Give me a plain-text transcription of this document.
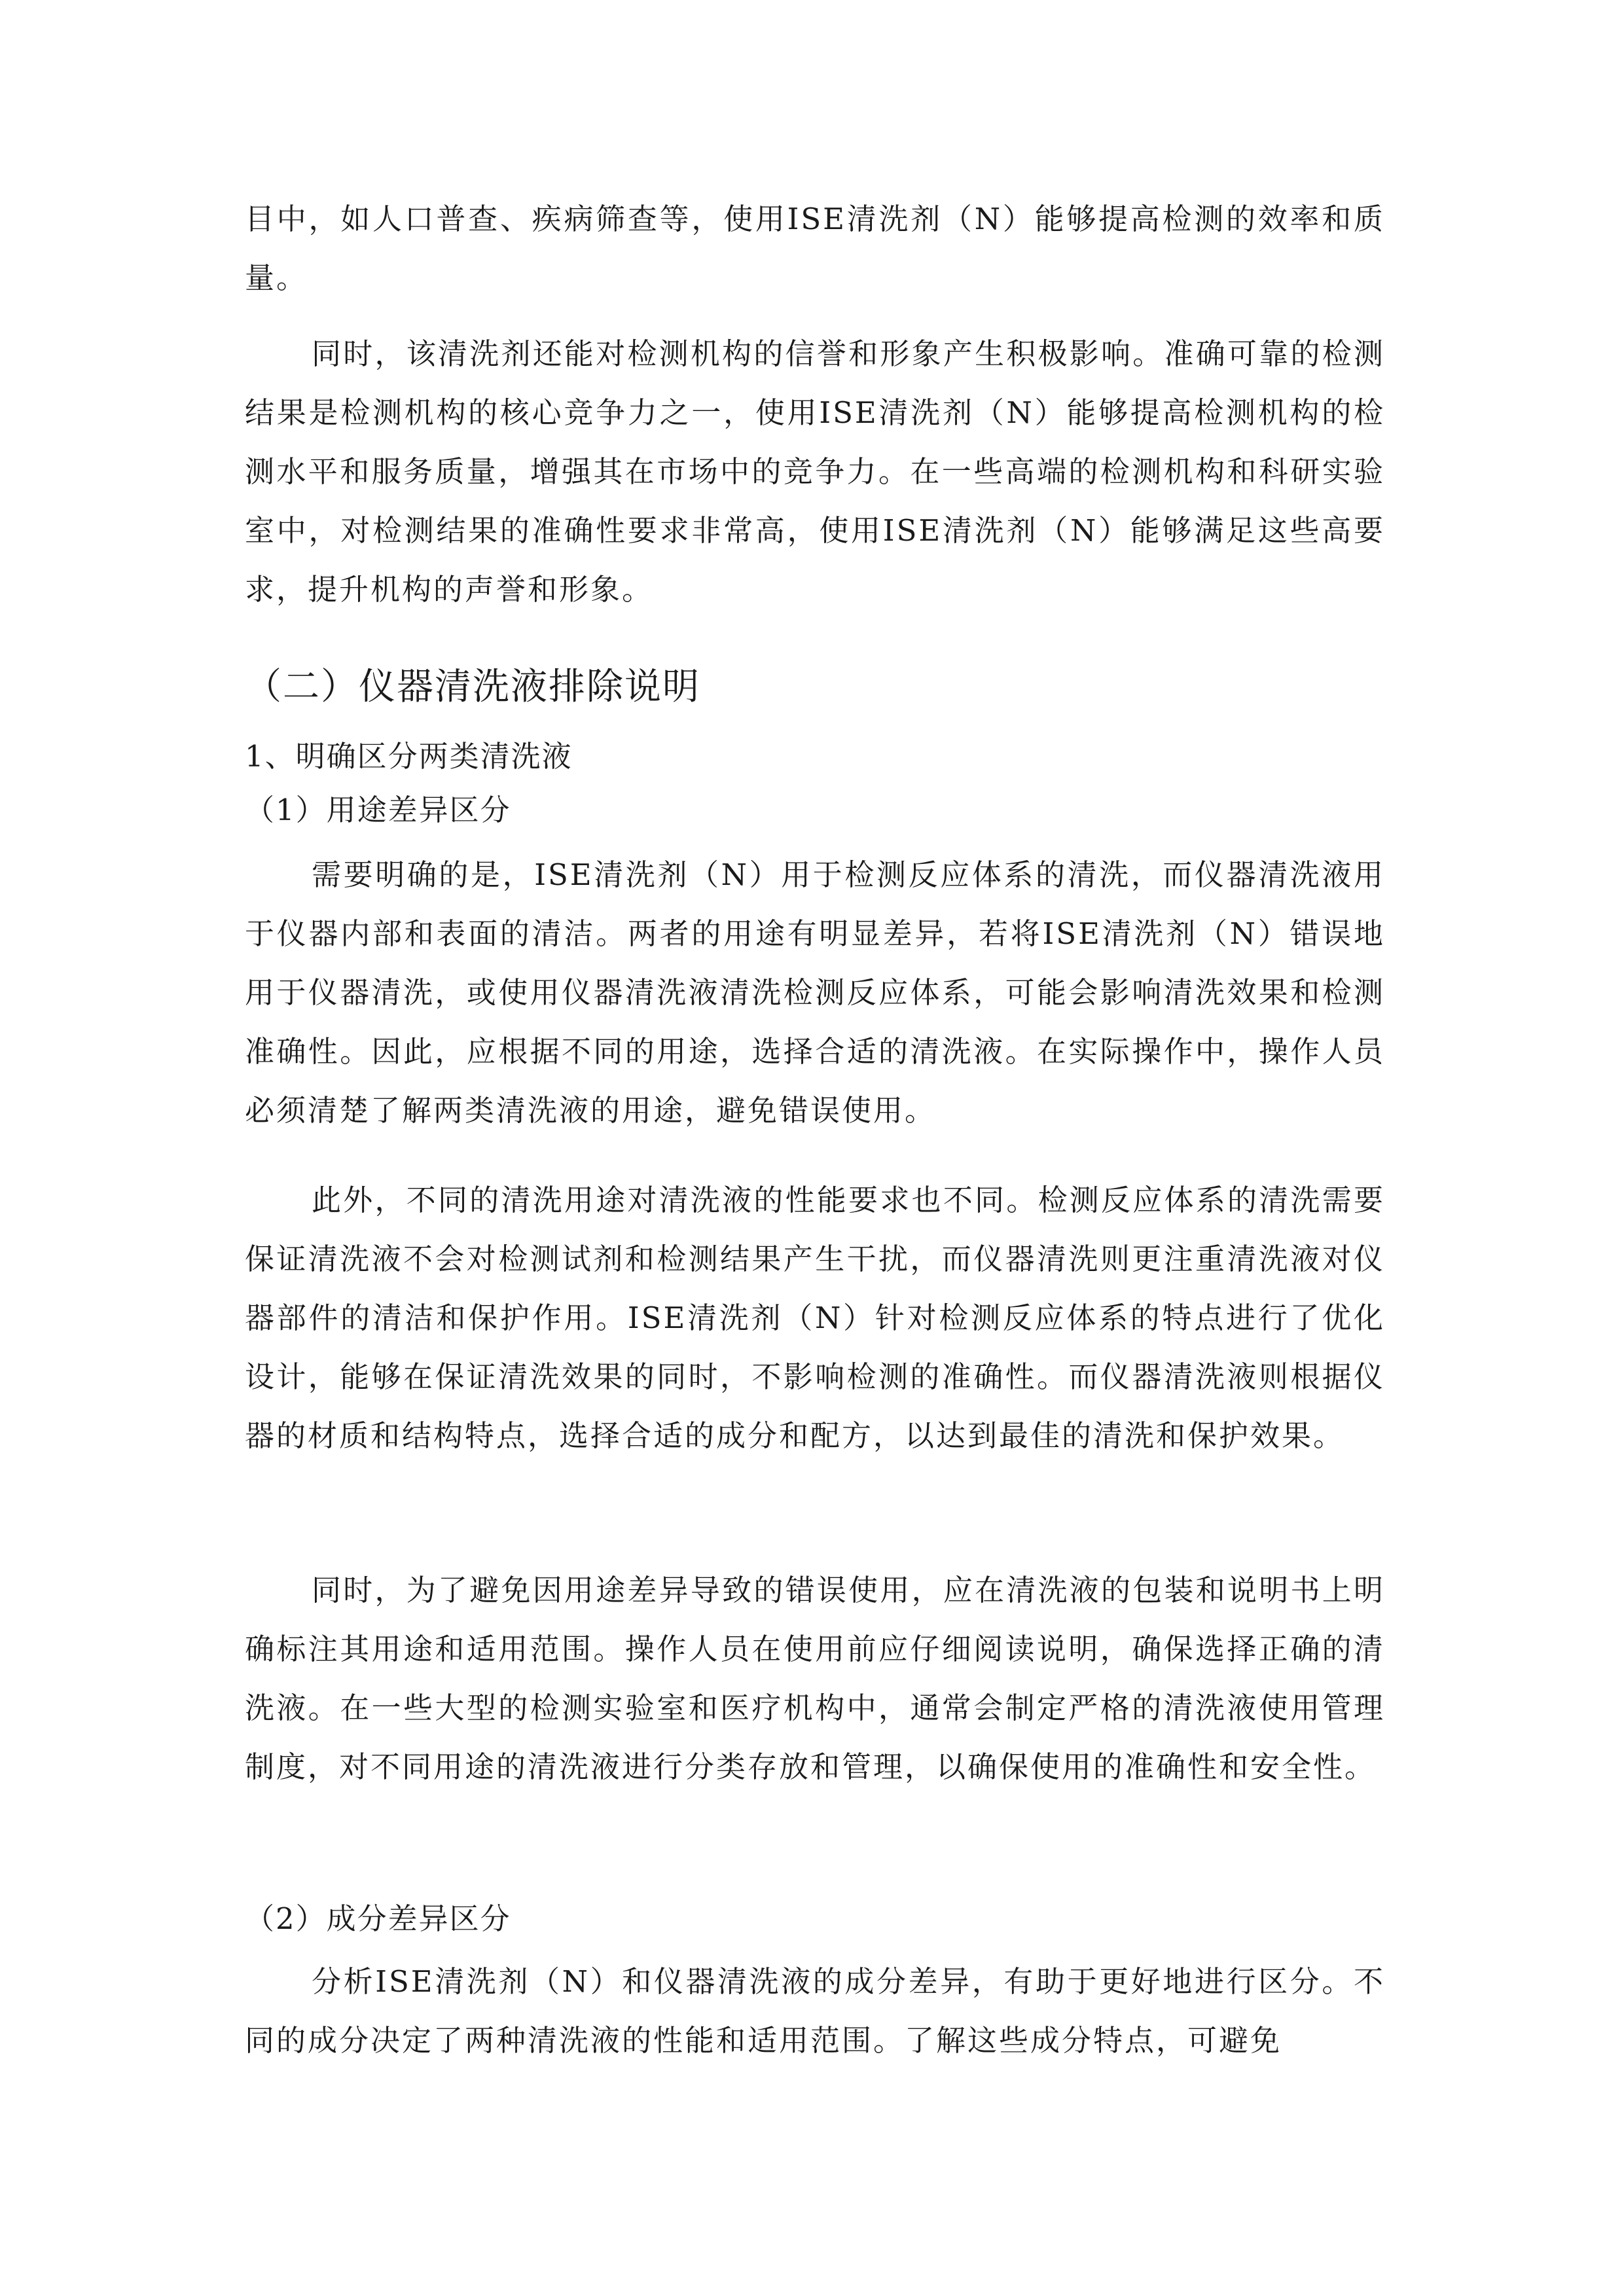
目中，如人口普查、疾病筛查等，使用ISE清洗剂（N）能够提高检测的效率和质量。

同时，该清洗剂还能对检测机构的信誉和形象产生积极影响。准确可靠的检测结果是检测机构的核心竞争力之一，使用ISE清洗剂（N）能够提高检测机构的检测水平和服务质量，增强其在市场中的竞争力。在一些高端的检测机构和科研实验室中，对检测结果的准确性要求非常高，使用ISE清洗剂（N）能够满足这些高要求，提升机构的声誉和形象。

（二）仪器清洗液排除说明
1、明确区分两类清洗液
（1）用途差异区分

需要明确的是，ISE清洗剂（N）用于检测反应体系的清洗，而仪器清洗液用于仪器内部和表面的清洁。两者的用途有明显差异，若将ISE清洗剂（N）错误地用于仪器清洗，或使用仪器清洗液清洗检测反应体系，可能会影响清洗效果和检测准确性。因此，应根据不同的用途，选择合适的清洗液。在实际操作中，操作人员必须清楚了解两类清洗液的用途，避免错误使用。

此外，不同的清洗用途对清洗液的性能要求也不同。检测反应体系的清洗需要保证清洗液不会对检测试剂和检测结果产生干扰，而仪器清洗则更注重清洗液对仪器部件的清洁和保护作用。ISE清洗剂（N）针对检测反应体系的特点进行了优化设计，能够在保证清洗效果的同时，不影响检测的准确性。而仪器清洗液则根据仪器的材质和结构特点，选择合适的成分和配方，以达到最佳的清洗和保护效果。

同时，为了避免因用途差异导致的错误使用，应在清洗液的包装和说明书上明确标注其用途和适用范围。操作人员在使用前应仔细阅读说明，确保选择正确的清洗液。在一些大型的检测实验室和医疗机构中，通常会制定严格的清洗液使用管理制度，对不同用途的清洗液进行分类存放和管理，以确保使用的准确性和安全性。

（2）成分差异区分

分析ISE清洗剂（N）和仪器清洗液的成分差异，有助于更好地进行区分。不同的成分决定了两种清洗液的性能和适用范围。了解这些成分特点，可避免
